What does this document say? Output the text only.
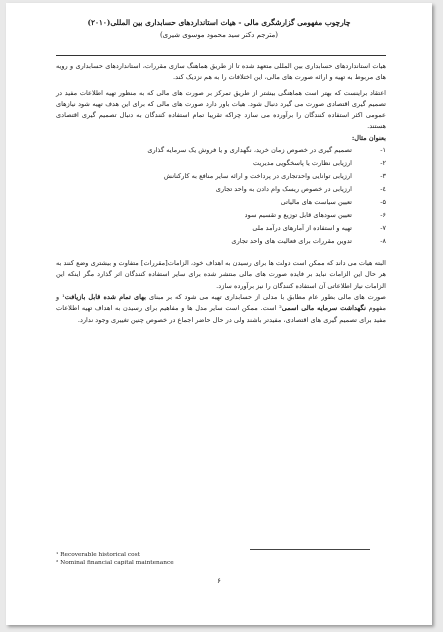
چارچوب مفهومی گزارشگری مالی - هیات استانداردهای حسابداری بین المللی(۲۰۱۰)
(مترجم دکتر سید محمود موسوی شیری)

هیات استانداردهای حسابداری بین المللی متعهد شده تا از طریق هماهنگ سازی مقررات، استانداردهای حسابداری و رویه های مربوط به تهیه و ارائه صورت های مالی، این اختلافات را به هم نزدیک کند.

اعتقاد براینست که بهتر است هماهنگی بیشتر از طریق تمرکز بر صورت های مالی که به منظور تهیه اطلاعات مفید در تصمیم گیری اقتصادی صورت می گیرد دنبال شود. هیات باور دارد صورت های مالی که برای این هدف تهیه شود نیازهای عمومی اکثر استفاده کنندگان را برآورده می سازد چراکه تقریبا تمام استفاده کنندگان به دنبال تصمیم گیری اقتصادی هستند.

بعنوان مثال:

۱-
تصمیم گیری در خصوص زمان خرید، نگهداری و یا فروش یک سرمایه گذاری
۲-
ارزیابی نظارت یا پاسخگویی مدیریت
۳-
ارزیابی توانایی واحدتجاری در پرداخت و ارائه سایر منافع به کارکنانش
٤-
ارزیابی در خصوص ریسک وام دادن به واحد تجاری
۵-
تعیین سیاست های مالیاتی
۶-
تعیین سودهای قابل توزیع و تقسیم سود
۷-
تهیه و استفاده از آمارهای درآمد ملی
۸-
تدوین مقررات برای فعالیت های واحد تجاری

البته هیات می داند که ممکن است دولت ها برای رسیدن به اهداف خود، الزامات[مقررات] متفاوت و بیشتری وضع کنند به هر حال این الزامات نباید بر فایده صورت های مالی منتشر شده برای سایر استفاده کنندگان اثر گذارد مگر اینکه این الزامات نیاز اطلاعاتی آن استفاده کنندگان را نیز برآورده سازد.

صورت های مالی بطور عام مطابق با مدلی از حسابداری تهیه می شود که بر مبنای بهای تمام شده قابل بازیافت¹ و مفهوم نگهداشت سرمایه مالی اسمی² است. ممکن است سایر مدل ها و مفاهیم برای رسیدن به اهداف تهیه اطلاعات مفید برای تصمیم گیری های اقتصادی، مفیدتر باشند ولی در حال حاضر اجماع در خصوص چنین تغییری وجود ندارد.

¹ Recoverable historical cost
² Nominal financial capital maintenance
۶
